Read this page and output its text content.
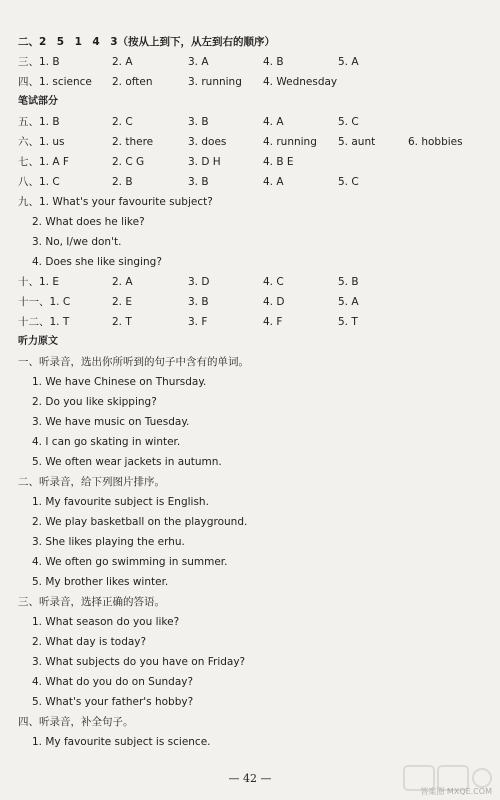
二、2　5　1　4　3（按从上到下，从左到右的顺序）
三、1. B	2. A	3. A	4. B	5. A
四、1. science 2. often	3. running 4. Wednesday
笔试部分
五、1. B	2. C	3. B	4. A	5. C
六、1. us	2. there	3. does	4. running 5. aunt	6. hobbies
七、1. A F	2. C G	3. D H	4. B E
八、1. C	2. B	3. B	4. A	5. C
九、1. What's your favourite subject?
2. What does he like?
3. No, I/we don't.
4. Does she like singing?
十、1. E	2. A	3. D	4. C	5. B
十一、1. C	2. E	3. B	4. D	5. A
十二、1. T	2. T	3. F	4. F	5. T
听力原文
一、听录音，选出你所听到的句子中含有的单词。
1. We have Chinese on Thursday.
2. Do you like skipping?
3. We have music on Tuesday.
4. I can go skating in winter.
5. We often wear jackets in autumn.
二、听录音，给下列图片排序。
1. My favourite subject is English.
2. We play basketball on the playground.
3. She likes playing the erhu.
4. We often go swimming in summer.
5. My brother likes winter.
三、听录音，选择正确的答语。
1. What season do you like?
2. What day is today?
3. What subjects do you have on Friday?
4. What do you do on Sunday?
5. What's your father's hobby?
四、听录音，补全句子。
1. My favourite subject is science.
— 42 —
答案圈 MXQE.COM
